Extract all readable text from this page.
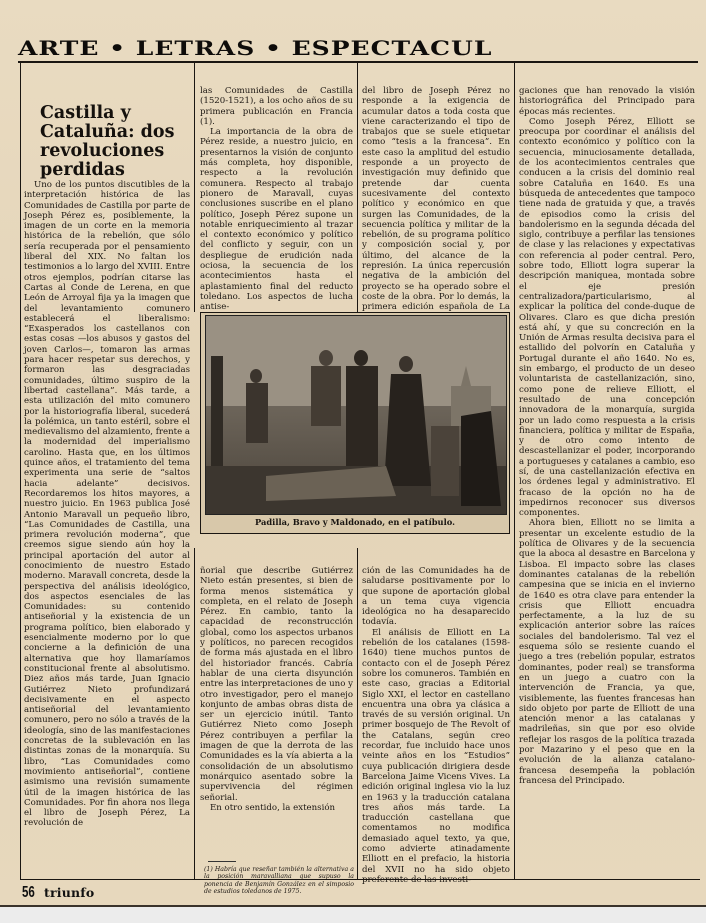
ARTE • LETRAS • ESPECTACUL
Castilla y Cataluña: dos revoluciones perdidas

Uno de los puntos discutibles de la interpretación histórica de las Comunidades de Castilla por parte de Joseph Pérez es, posiblemente, la imagen de un corte en la memoria histórica de la rebelión, que sólo sería recuperada por el pensamiento liberal del XIX. No faltan los testimonios a lo largo del XVIII. Entre otros ejemplos, podrían citarse las Cartas al Conde de Lerena, en que León de Arroyal fija ya la imagen que del levantamiento comunero establecerá el liberalismo: “Exasperados los castellanos con estas cosas —los abusos y gastos del joven Carlos—, tomaron las armas para hacer respetar sus derechos, y formaron las desgraciadas comunidades, último suspiro de la libertad castellana”. Más tarde, a esta utilización del mito comunero por la historiografía liberal, sucederá la polémica, un tanto estéril, sobre el medievalismo del alzamiento, frente a la modernidad del imperialismo carolino. Hasta que, en los últimos quince años, el tratamiento del tema experimenta una serie de “saltos hacia adelante” decisivos. Recordaremos los hitos mayores, a nuestro juicio. En 1963 publica José Antonio Maravall un pequeño libro, “Las Comunidades de Castilla, una primera revolución moderna”, que creemos sigue siendo aún hoy la principal aportación del autor al conocimiento de nuestro Estado moderno. Maravall concreta, desde la perspectiva del análisis ideológico, dos aspectos esenciales de las Comunidades: su contenido antiseñorial y la existencia de un programa político, bien elaborado y esencialmente moderno por lo que concierne a la definición de una alternativa que hoy llamaríamos constitucional frente al absolutismo. Diez años más tarde, Juan Ignacio Gutiérrez Nieto profundizará decisivamente en el aspecto antiseñorial del levantamiento comunero, pero no sólo a través de la ideología, sino de las manifestaciones concretas de la sublevación en las distintas zonas de la monarquía. Su libro, “Las Comunidades como movimiento antiseñorial”, contiene asimismo una revisión sumamente útil de la imagen histórica de las Comunidades. Por fin ahora nos llega el libro de Joseph Pérez, La revolución de

las Comunidades de Castilla (1520-1521), a los ocho años de su primera publicación en Francia (1).

La importancia de la obra de Pérez reside, a nuestro juicio, en presentarnos la visión de conjunto más completa, hoy disponible, respecto a la revolución comunera. Respecto al trabajo pionero de Maravall, cuyas conclusiones suscribe en el plano político, Joseph Pérez supone un notable enriquecimiento al trazar el contexto económico y político del conflicto y seguir, con un despliegue de erudición nada ociosa, la secuencia de los acontecimientos hasta el aplastamiento final del reducto toledano. Los aspectos de lucha antise-

ñorial que describe Gutiérrez Nieto están presentes, si bien de forma menos sistemática y completa, en el relato de Joseph Pérez. En cambio, tanto la capacidad de reconstrucción global, como los aspectos urbanos y políticos, no parecen recogidos de forma más ajustada en el libro del historiador francés. Cabría hablar de una cierta disyunción entre las interpretaciones de uno y otro investigador, pero el manejo konjunto de ambas obras dista de ser un ejercicio inútil. Tanto Gutiérrez Nieto como Joseph Pérez contribuyen a perfilar la imagen de que la derrota de las Comunidades es la vía abierta a la consolidación de un absolutismo monárquico asentado sobre la supervivencia del régimen señorial.

En otro sentido, la extensión

(1) Habría que reseñar también la alternativa a la posición maravalliana que supuso la ponencia de Benjamín González en el simposio de estudios toledanos de 1975.

del libro de Joseph Pérez no responde a la exigencia de acumular datos a toda costa que viene caracterizando el tipo de trabajos que se suele etiquetar como “tesis a la francesa”. En este caso la amplitud del estudio responde a un proyecto de investigación muy definido que pretende dar cuenta sucesivamente del contexto político y económico en que surgen las Comunidades, de la secuencia política y militar de la rebelión, de su programa político y composición social y, por último, del alcance de la represión. La única repercusión negativa de la ambición del proyecto se ha operado sobre el coste de la obra. Por lo demás, la primera edición española de La

ción de las Comunidades ha de saludarse positivamente por lo que supone de aportación global a un tema cuya vigencia ideológica no ha desaparecido todavía.

El análisis de Elliott en La rebelión de los catalanes (1598-1640) tiene muchos puntos de contacto con el de Joseph Pérez sobre los comuneros. También en este caso, gracias a Editorial Siglo XXI, el lector en castellano encuentra una obra ya clásica a través de su versión original. Un primer bosquejo de The Revolt of the Catalans, según creo recordar, fue incluido hace unos veinte años en los “Estudios” cuya publicación dirigiera desde Barcelona Jaime Vicens Vives. La edición original inglesa vio la luz en 1963 y la traducción catalana tres años más tarde. La traducción castellana que comentamos no modifica demasiado aquel texto, ya que, como advierte atinadamente Elliott en el prefacio, la historia del XVII no ha sido objeto preferente de las investi-

gaciones que han renovado la visión historiográfica del Principado para épocas más recientes.

Como Joseph Pérez, Elliott se preocupa por coordinar el análisis del contexto económico y político con la secuencia, minuciosamente detallada, de los acontecimientos centrales que conducen a la crisis del dominio real sobre Cataluña en 1640. Es una búsqueda de antecedentes que tampoco tiene nada de gratuida y que, a través de episodios como la crisis del bandolerismo en la segunda década del siglo, contribuye a perfilar las tensiones de clase y las relaciones y expectativas con referencia al poder central. Pero, sobre todo, Elliott logra superar la descripción maniquea, montada sobre el eje presión centralizadora/particularismo, al explicar la política del conde-duque de Olivares. Claro es que dicha presión está ahí, y que su concreción en la Unión de Armas resulta decisiva para el estallido del polvorín en Cataluña y Portugal durante el año 1640. No es, sin embargo, el producto de un deseo voluntarista de castellanización, sino, como pone de relieve Elliott, el resultado de una concepción innovadora de la monarquía, surgida por un lado como respuesta a la crisis financiera, política y militar de España, y de otro como intento de descastellanizar el poder, incorporando a portugueses y catalanes a cambio, eso sí, de una castellanización efectiva en los órdenes legal y administrativo. El fracaso de la opción no ha de impedirnos reconocer sus diversos componentes.

Ahora bien, Elliott no se limita a presentar un excelente estudio de la política de Olivares y de la secuencia que la aboca al desastre en Barcelona y Lisboa. El impacto sobre las clases dominantes catalanas de la rebelión campesina que se inicia en el invierno de 1640 es otra clave para entender la crisis que Elliott encuadra perfectamente, a la luz de su explicación anterior sobre las raíces sociales del bandolerismo. Tal vez el esquema sólo se resiente cuando el juego a tres (rebelión popular, estratos dominantes, poder real) se transforma en un juego a cuatro con la intervención de Francia, ya que, visiblemente, las fuentes francesas han sido objeto por parte de Elliott de una atención menor a las catalanas y madrileñas, sin que por eso olvide reflejar los rasgos de la política trazada por Mazarino y el peso que en la evolución de la alianza catalano-francesa desempeña la población francesa del Principado.

Padilla, Bravo y Maldonado, en el patíbulo.
56 triunfo
